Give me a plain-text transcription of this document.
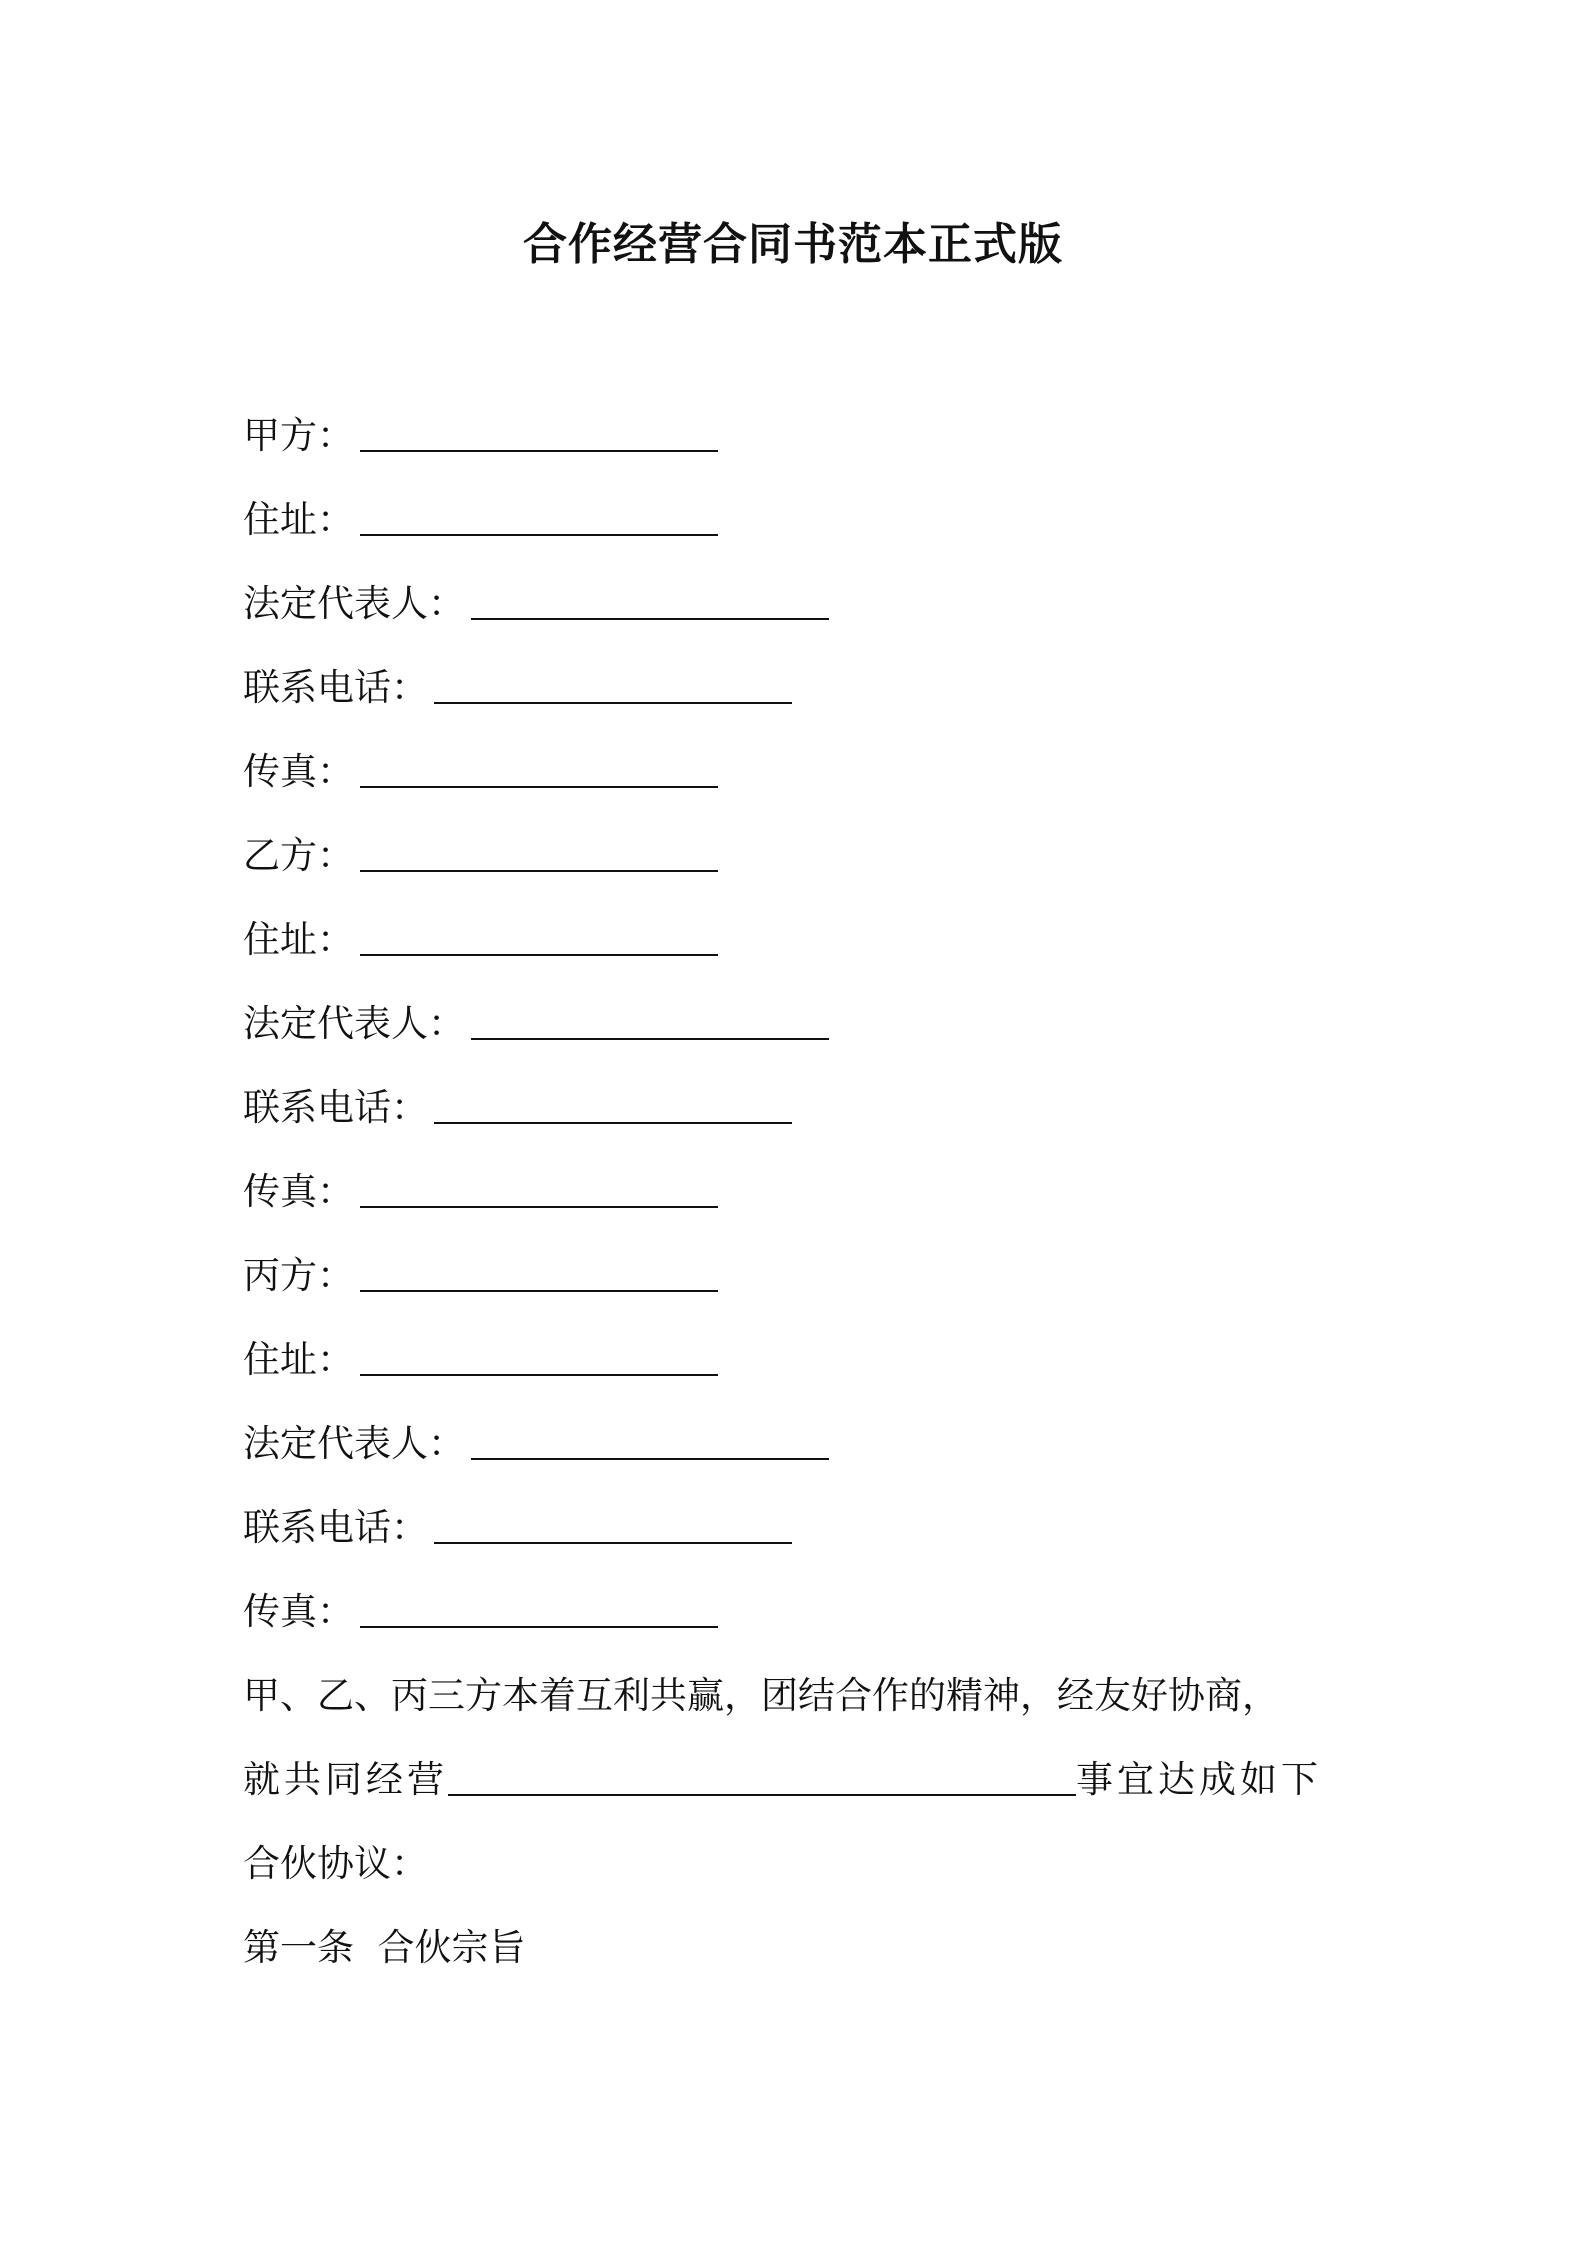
合作经营合同书范本正式版
甲方：
住址：
法定代表人：
联系电话：
传真：
乙方：
住址：
法定代表人：
联系电话：
传真：
丙方：
住址：
法定代表人：
联系电话：
传真：
甲、乙、丙三方本着互利共赢，团结合作的精神，经友好协商，
就共同经营	事宜达成如下
合伙协议：
第一条 合伙宗旨
